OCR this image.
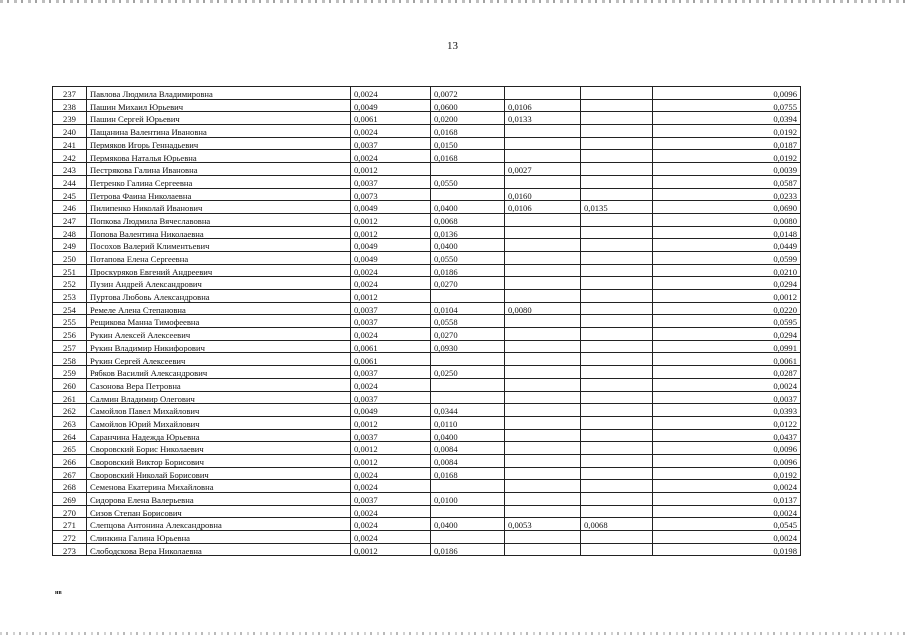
13
237	Павлова Людмила Владимировна	0,0024	0,0072			0,0096
238	Пашин Михаил Юрьевич	0,0049	0,0600	0,0106		0,0755
239	Пашин Сергей Юрьевич	0,0061	0,0200	0,0133		0,0394
240	Пащанина Валентина Ивановна	0,0024	0,0168			0,0192
241	Пермяков Игорь Геннадьевич	0,0037	0,0150			0,0187
242	Пермякова Наталья Юрьевна	0,0024	0,0168			0,0192
243	Пестрякова Галина Ивановна	0,0012		0,0027		0,0039
244	Петренко Галина Сергеевна	0,0037	0,0550			0,0587
245	Петрова Фаина Николаевна	0,0073		0,0160		0,0233
246	Пилипенко Николай Иванович	0,0049	0,0400	0,0106	0,0135	0,0690
247	Попкова Людмила Вячеславовна	0,0012	0,0068			0,0080
248	Попова Валентина Николаевна	0,0012	0,0136			0,0148
249	Посохов Валерий Климентьевич	0,0049	0,0400			0,0449
250	Потапова Елена Сергеевна	0,0049	0,0550			0,0599
251	Проскуряков Евгений Андреевич	0,0024	0,0186			0,0210
252	Пузин Андрей Александрович	0,0024	0,0270			0,0294
253	Пуртова Любовь Александровна	0,0012				0,0012
254	Ремеле Алена Степановна	0,0037	0,0104	0,0080		0,0220
255	Рещикова Манна Тимофеевна	0,0037	0,0558			0,0595
256	Рукин Алексей Алексеевич	0,0024	0,0270			0,0294
257	Рукин Владимир Никифорович	0,0061	0,0930			0,0991
258	Рукин Сергей Алексеевич	0,0061				0,0061
259	Рябков Василий Александрович	0,0037	0,0250			0,0287
260	Сазонова Вера Петровна	0,0024				0,0024
261	Салмин Владимир Олегович	0,0037				0,0037
262	Самойлов Павел Михайлович	0,0049	0,0344			0,0393
263	Самойлов Юрий Михайлович	0,0012	0,0110			0,0122
264	Саранчина Надежда Юрьевна	0,0037	0,0400			0,0437
265	Сворoвский Борис Николаевич	0,0012	0,0084			0,0096
266	Своровский Виктор Борисович	0,0012	0,0084			0,0096
267	Своровский Николай Борисович	0,0024	0,0168			0,0192
268	Семенова Екатерина Михайловна	0,0024				0,0024
269	Сидорова Елена Валерьевна	0,0037	0,0100			0,0137
270	Сизов Степан Борисович	0,0024				0,0024
271	Слепцова Антонина Александровна	0,0024	0,0400	0,0053	0,0068	0,0545
272	Слинкина Галина Юрьевна	0,0024				0,0024
273	Слободскова Вера Николаевна	0,0012	0,0186			0,0198
нв
